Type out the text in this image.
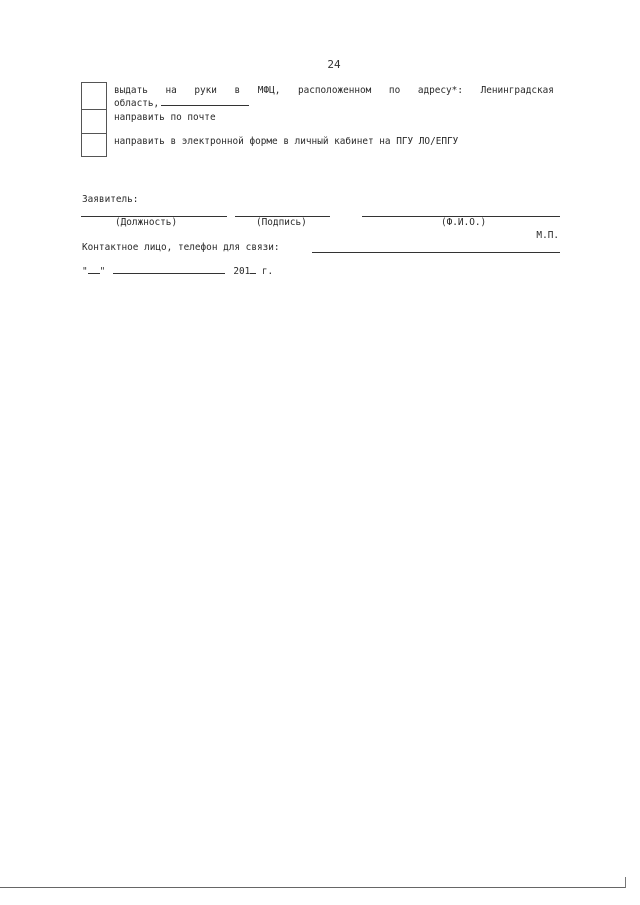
24
выдать на руки в МФЦ, расположенном по адресу*: Ленинградская
область,
направить по почте
направить в электронной форме в личный кабинет на ПГУ ЛО/ЕПГУ
Заявитель:
(Должность)	(Подпись)	(Ф.И.О.)
М.П.
Контактное лицо, телефон для связи:
" "	201 г.
